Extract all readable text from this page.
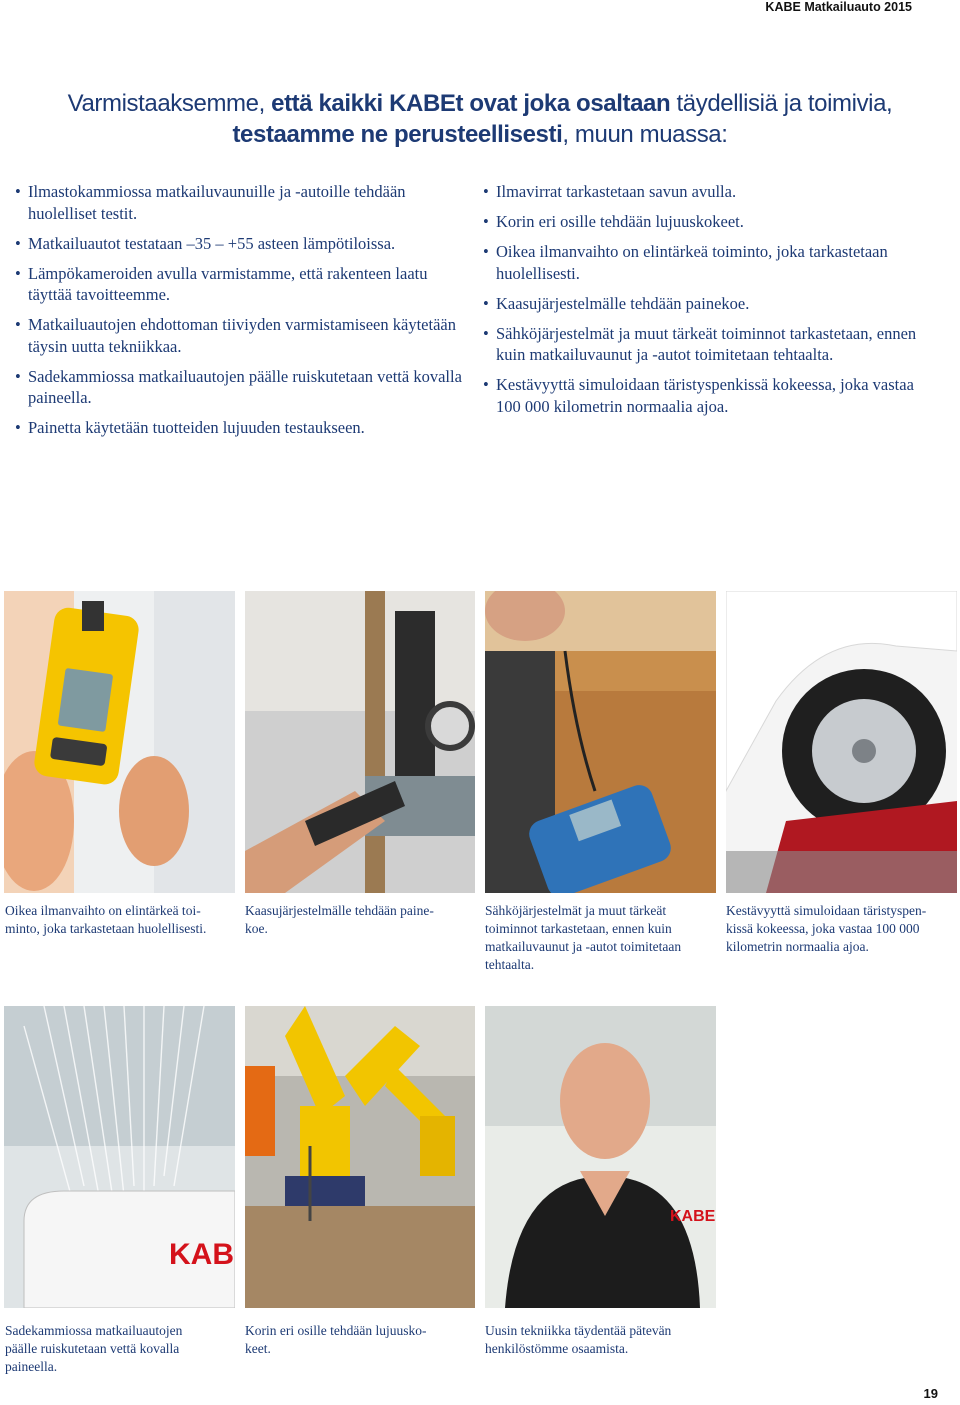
KABE Matkailuauto 2015
Varmistaaksemme, että kaikki KABEt ovat joka osaltaan täydellisiä ja toimivia,
testaamme ne perusteellisesti, muun muassa:
• Ilmastokammiossa matkailuvaunuille ja -autoille tehdään huolelliset testit.
• Matkailuautot testataan –35 – +55 asteen lämpötiloissa.
• Lämpökameroiden avulla varmistamme, että rakenteen laatu täyttää tavoitteemme.
• Matkailuautojen ehdottoman tiiviyden varmistamiseen käytetään täysin uutta tekniikkaa.
• Sadekammiossa matkailuautojen päälle ruiskutetaan vettä kovalla paineella.
• Painetta käytetään tuotteiden lujuuden testaukseen.
• Ilmavirrat tarkastetaan savun avulla.
• Korin eri osille tehdään lujuuskokeet.
• Oikea ilmanvaihto on elintärkeä toiminto, joka tarkastetaan huolellisesti.
• Kaasujärjestelmälle tehdään painekoe.
• Sähköjärjestelmät ja muut tärkeät toiminnot tarkastetaan, ennen kuin matkailuvaunut ja -autot toimitetaan tehtaalta.
• Kestävyyttä simuloidaan täristyspenkissä kokeessa, joka vastaa 100 000 kilometrin normaalia ajoa.
Oikea ilmanvaihto on elintärkeä toi-
minto, joka tarkastetaan huolellisesti.
Kaasujärjestelmälle tehdään paine-
koe.
Sähköjärjestelmät ja muut tärkeät
toiminnot tarkastetaan, ennen kuin
matkailuvaunut ja -autot toimitetaan
tehtaalta.
Kestävyyttä simuloidaan täristyspen-
kissä kokeessa, joka vastaa 100 000
kilometrin normaalia ajoa.
KAB
KABE
Sadekammiossa matkailuautojen
päälle ruiskutetaan vettä kovalla
paineella.
Korin eri osille tehdään lujuusko-
keet.
Uusin tekniikka täydentää pätevän
henkilöstömme osaamista.
19
